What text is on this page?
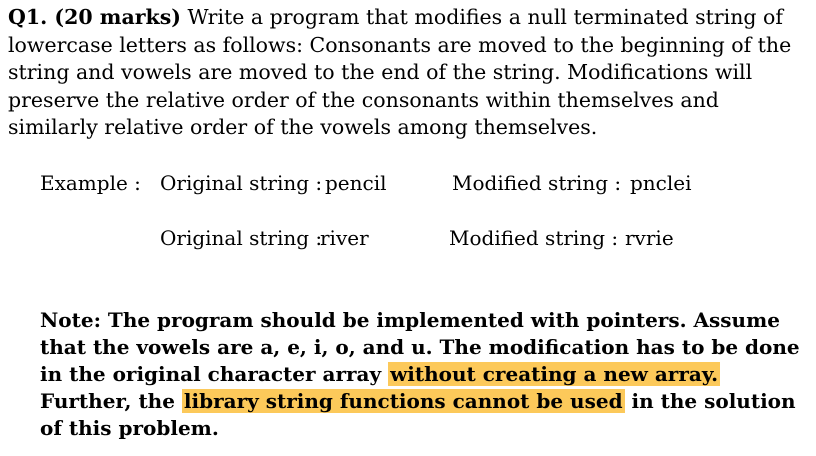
Q1. (20 marks) Write a program that modifies a null terminated string of lowercase letters as follows: Consonants are moved to the beginning of the string and vowels are moved to the end of the string. Modifications will preserve the relative order of the consonants within themselves and similarly relative order of the vowels among themselves.
Example : Original string : pencil	Modified string : pnclei
Original string :
river	Modified string : rvrie
Note: The program should be implemented with pointers. Assume that the vowels are a, e, i, o, and u. The modification has to be done in the original character array without creating a new array. Further, the library string functions cannot be used in the solution of this problem.
